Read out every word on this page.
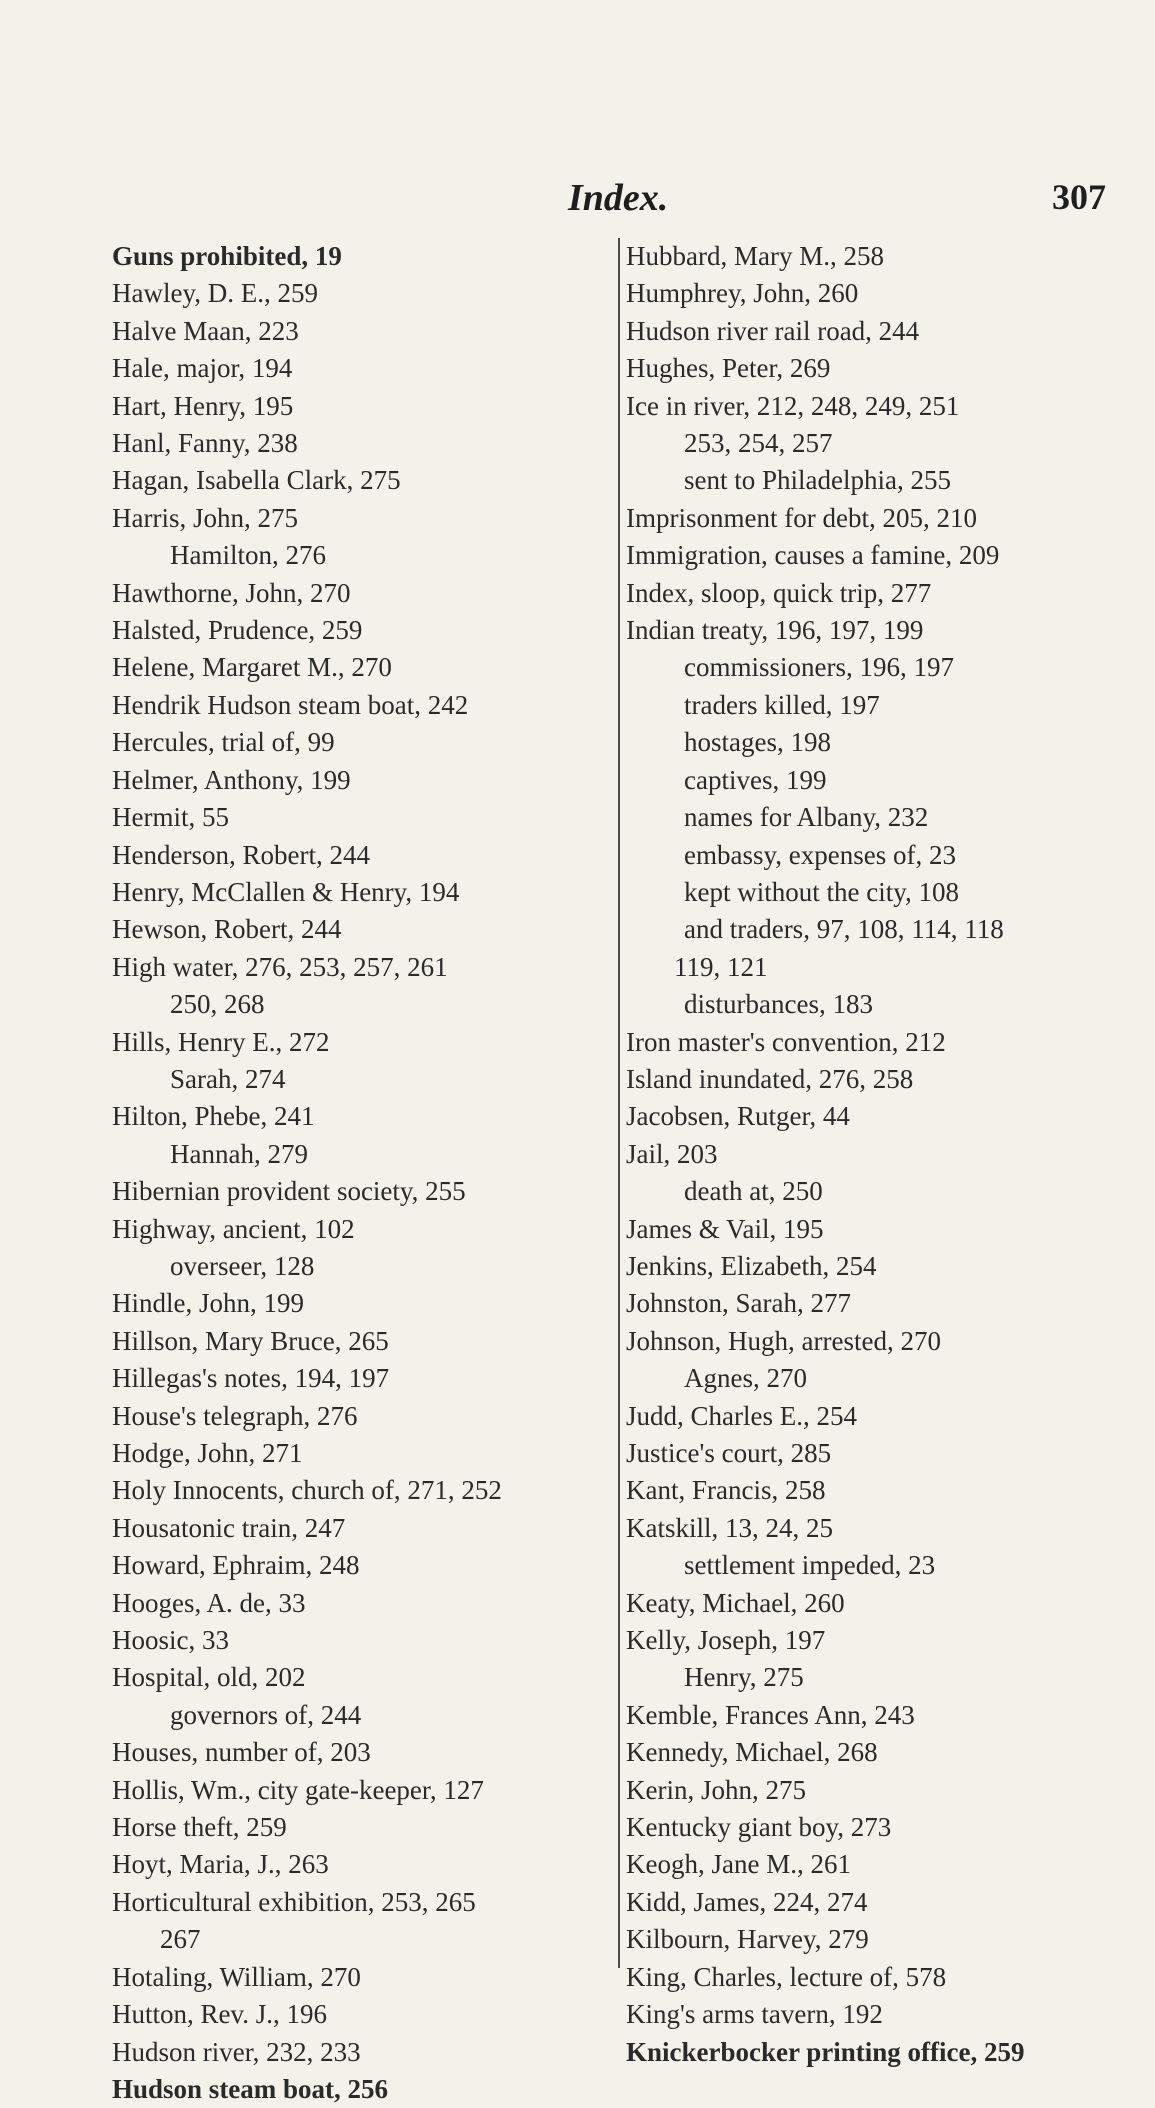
Index.	307
Guns prohibited, 19
Hawley, D. E., 259
Halve Maan, 223
Hale, major, 194
Hart, Henry, 195
Hanl, Fanny, 238
Hagan, Isabella Clark, 275
Harris, John, 275
Hamilton, 276
Hawthorne, John, 270
Halsted, Prudence, 259
Helene, Margaret M., 270
Hendrik Hudson steam boat, 242
Hercules, trial of, 99
Helmer, Anthony, 199
Hermit, 55
Henderson, Robert, 244
Henry, McClallen & Henry, 194
Hewson, Robert, 244
High water, 276, 253, 257, 261
250, 268
Hills, Henry E., 272
Sarah, 274
Hilton, Phebe, 241
Hannah, 279
Hibernian provident society, 255
Highway, ancient, 102
overseer, 128
Hindle, John, 199
Hillson, Mary Bruce, 265
Hillegas's notes, 194, 197
House's telegraph, 276
Hodge, John, 271
Holy Innocents, church of, 271, 252
Housatonic train, 247
Howard, Ephraim, 248
Hooges, A. de, 33
Hoosic, 33
Hospital, old, 202
governors of, 244
Houses, number of, 203
Hollis, Wm., city gate-keeper, 127
Horse theft, 259
Hoyt, Maria, J., 263
Horticultural exhibition, 253, 265
267
Hotaling, William, 270
Hutton, Rev. J., 196
Hudson river, 232, 233
Hudson steam boat, 256
Hubbard, Mary M., 258
Humphrey, John, 260
Hudson river rail road, 244
Hughes, Peter, 269
Ice in river, 212, 248, 249, 251
253, 254, 257
sent to Philadelphia, 255
Imprisonment for debt, 205, 210
Immigration, causes a famine, 209
Index, sloop, quick trip, 277
Indian treaty, 196, 197, 199
commissioners, 196, 197
traders killed, 197
hostages, 198
captives, 199
names for Albany, 232
embassy, expenses of, 23
kept without the city, 108
and traders, 97, 108, 114, 118
119, 121
disturbances, 183
Iron master's convention, 212
Island inundated, 276, 258
Jacobsen, Rutger, 44
Jail, 203
death at, 250
James & Vail, 195
Jenkins, Elizabeth, 254
Johnston, Sarah, 277
Johnson, Hugh, arrested, 270
Agnes, 270
Judd, Charles E., 254
Justice's court, 285
Kant, Francis, 258
Katskill, 13, 24, 25
settlement impeded, 23
Keaty, Michael, 260
Kelly, Joseph, 197
Henry, 275
Kemble, Frances Ann, 243
Kennedy, Michael, 268
Kerin, John, 275
Kentucky giant boy, 273
Keogh, Jane M., 261
Kidd, James, 224, 274
Kilbourn, Harvey, 279
King, Charles, lecture of, 578
King's arms tavern, 192
Knickerbocker printing office, 259
